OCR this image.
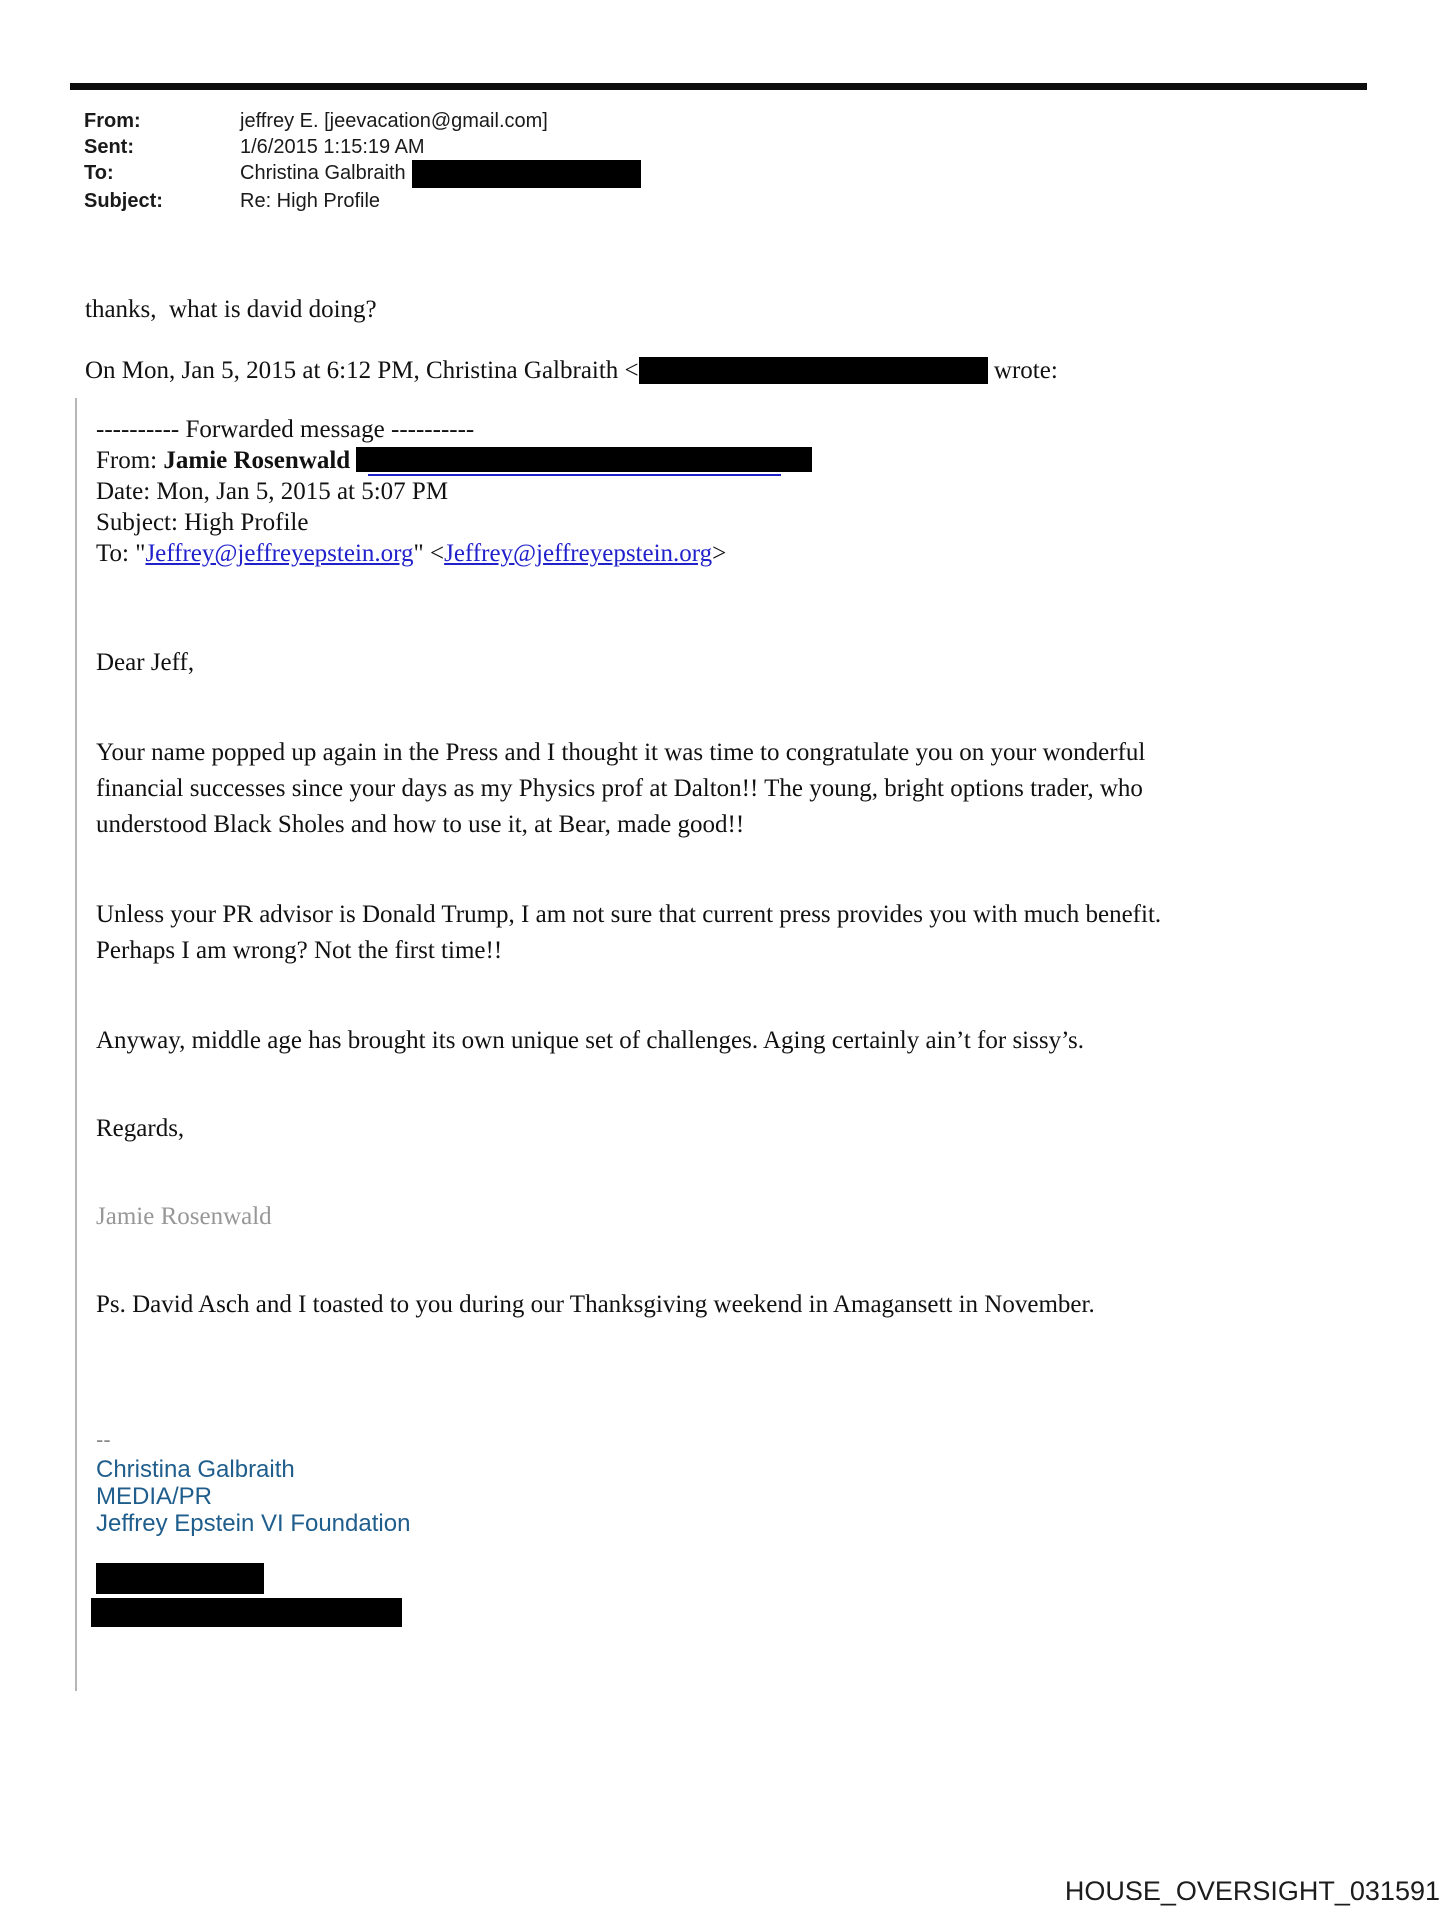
From:	jeffrey E. [jeevacation@gmail.com]
Sent:	1/6/2015 1:15:19 AM
To:	Christina Galbraith
Subject:	Re: High Profile
thanks,  what is david doing?
On Mon, Jan 5, 2015 at 6:12 PM, Christina Galbraith <	wrote:
---------- Forwarded message ----------
From: Jamie Rosenwald
Date: Mon, Jan 5, 2015 at 5:07 PM
Subject: High Profile
To: "Jeffrey@jeffreyepstein.org" <Jeffrey@jeffreyepstein.org>
Dear Jeff,
Your name popped up again in the Press and I thought it was time to congratulate you on your wonderful
financial successes since your days as my Physics prof at Dalton!! The young, bright options trader, who
understood Black Sholes and how to use it, at Bear, made good!!
Unless your PR advisor is Donald Trump, I am not sure that current press provides you with much benefit.
Perhaps I am wrong? Not the first time!!
Anyway, middle age has brought its own unique set of challenges. Aging certainly ain’t for sissy’s.
Regards,
Jamie Rosenwald
Ps. David Asch and I toasted to you during our Thanksgiving weekend in Amagansett in November.
--
Christina Galbraith
MEDIA/PR
Jeffrey Epstein VI Foundation
HOUSE_OVERSIGHT_031591
